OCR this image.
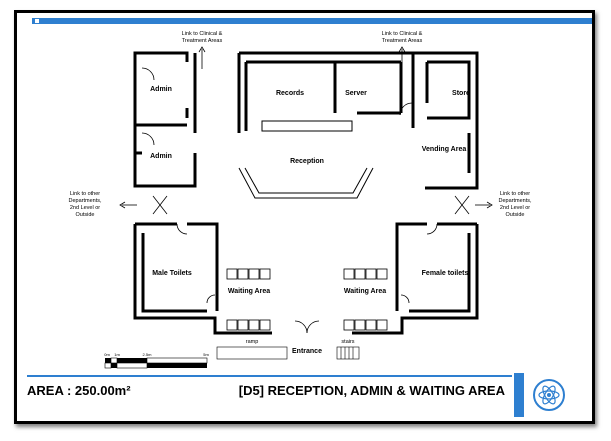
Admin
Admin
Records	Server	Store
Reception
Vending Area
Male Toilets	Female toilets
Waiting Area	Waiting Area
Entrance
Link to Clinical &
Treatment Areas
Link to Clinical &
Treatment Areas
Link to other
Departments,
2nd Level or
Outside
Link to other
Departments,
2nd Level or
Outside
ramp	stairs
0m 1m	2.5m	5m
AREA : 250.00m²	[D5] RECEPTION, ADMIN & WAITING AREA
